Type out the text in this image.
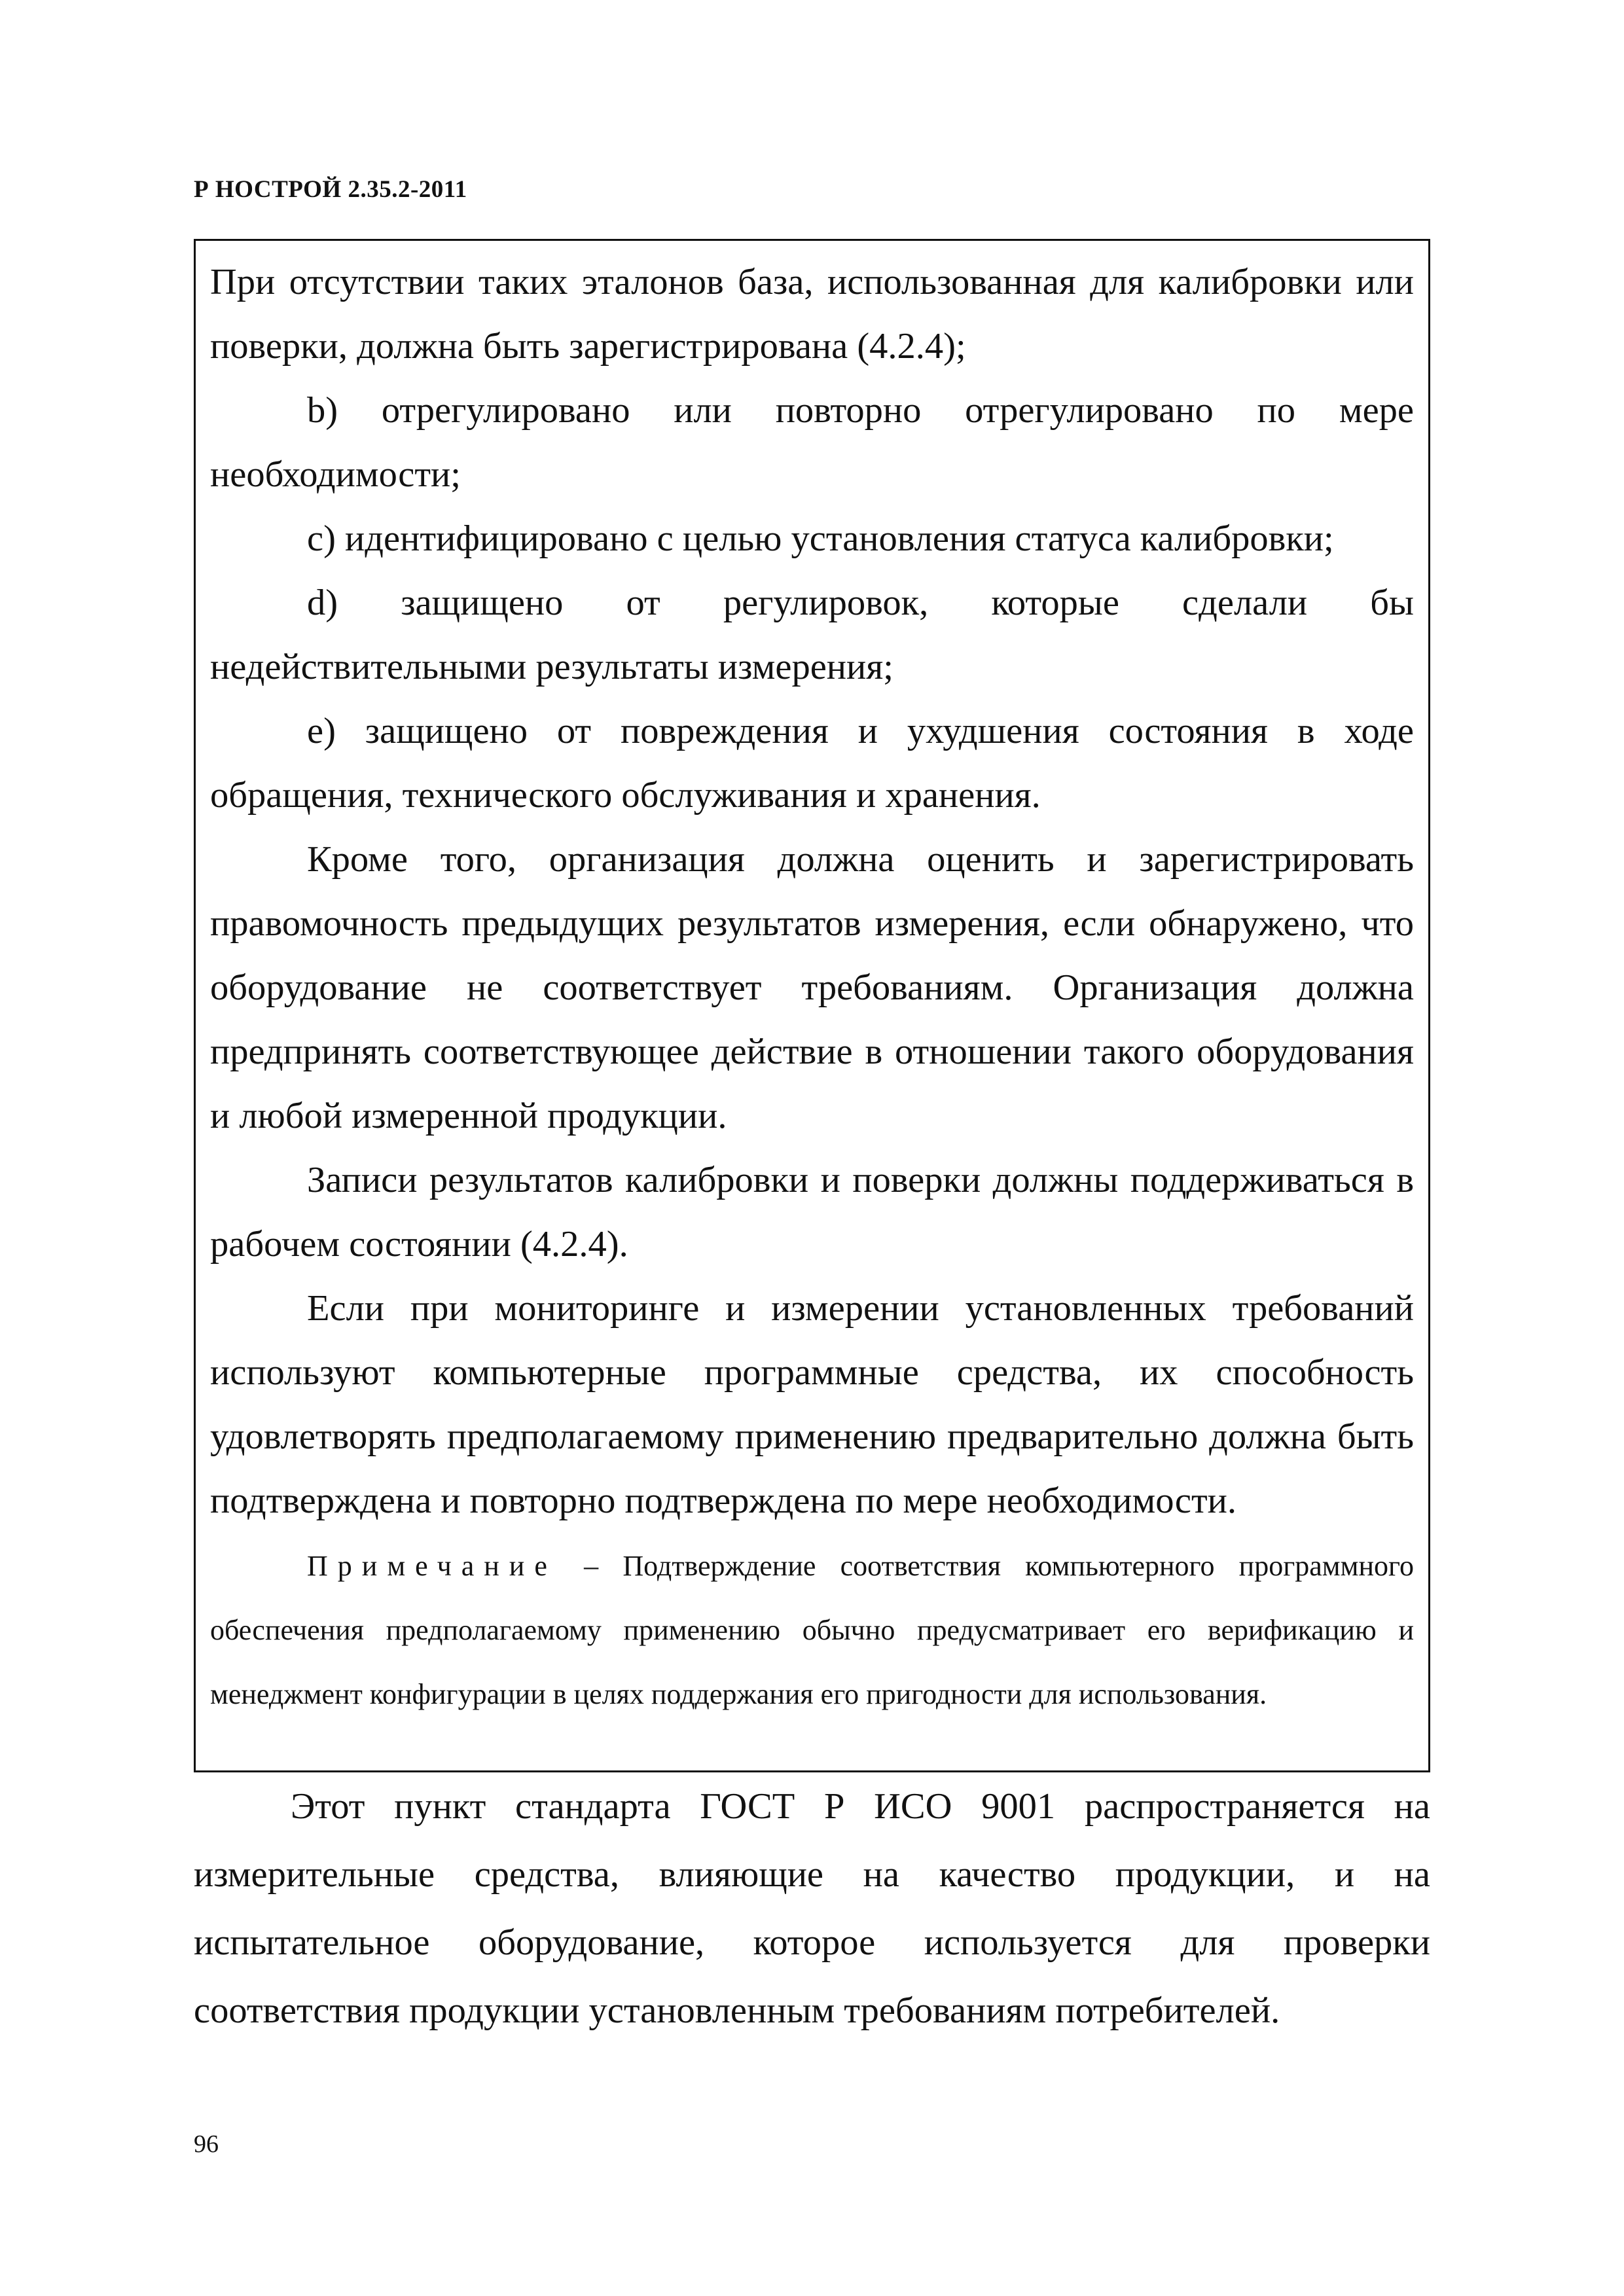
Р НОСТРОЙ 2.35.2-2011

При отсутствии таких эталонов база, использованная для калибровки или поверки, должна быть зарегистрирована (4.2.4);

b) отрегулировано или повторно отрегулировано по мере необходимости;

c) идентифицировано с целью установления статуса калибровки;

d) защищено от регулировок, которые сделали бы недействительными результаты измерения;

e) защищено от повреждения и ухудшения состояния в ходе обращения, технического обслуживания и хранения.

Кроме того, организация должна оценить и зарегистрировать правомочность предыдущих результатов измерения, если обнаружено, что оборудование не соответствует требованиям. Организация должна предпринять соответствующее действие в отношении такого оборудования и любой измеренной продукции.

Записи результатов калибровки и поверки должны поддерживаться в рабочем состоянии (4.2.4).

Если при мониторинге и измерении установленных требований используют компьютерные программные средства, их способность удовлетворять предполагаемому применению предварительно должна быть подтверждена и повторно подтверждена по мере необходимости.

Примечание – Подтверждение соответствия компьютерного программного обеспечения предполагаемому применению обычно предусматривает его верификацию и менеджмент конфигурации в целях поддержания его пригодности для использования.

Этот пункт стандарта ГОСТ Р ИСО 9001 распространяется на измерительные средства, влияющие на качество продукции, и на испытательное оборудование, которое используется для проверки соответствия продукции установленным требованиям потребителей.

96
